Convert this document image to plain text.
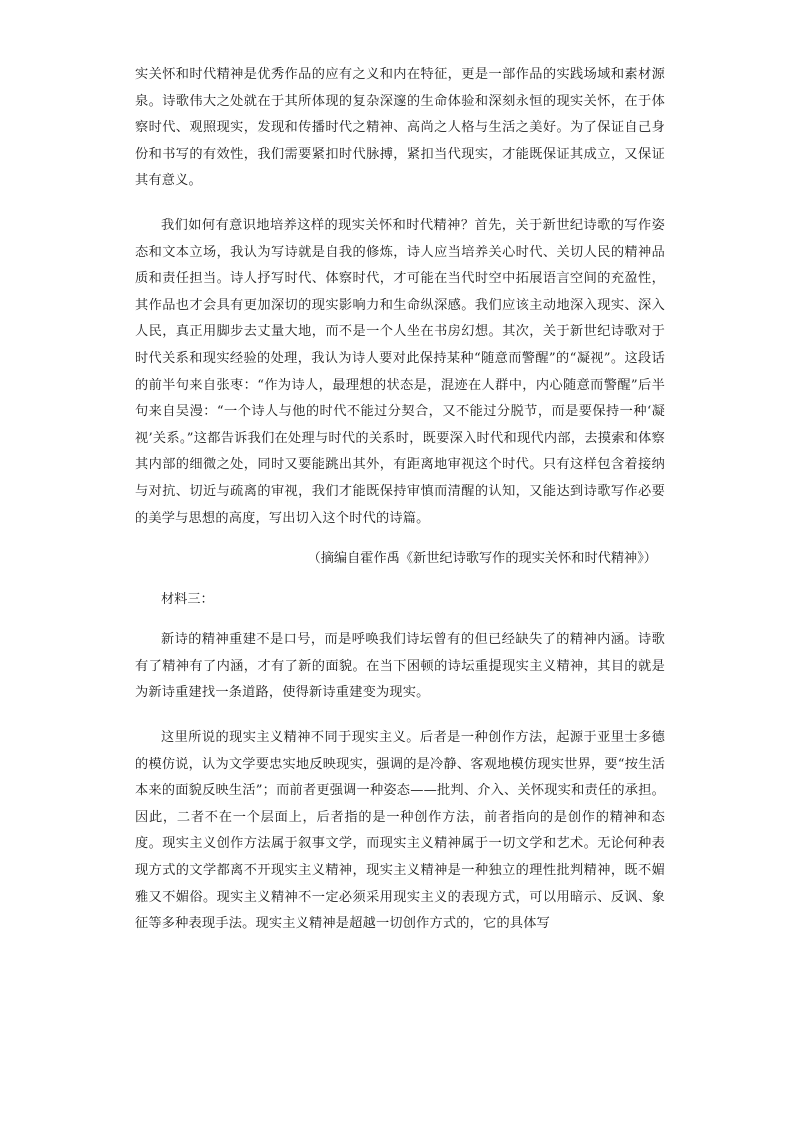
实关怀和时代精神是优秀作品的应有之义和内在特征，更是一部作品的实践场域和素材源泉。诗歌伟大之处就在于其所体现的复杂深邃的生命体验和深刻永恒的现实关怀，在于体察时代、观照现实，发现和传播时代之精神、高尚之人格与生活之美好。为了保证自己身份和书写的有效性，我们需要紧扣时代脉搏，紧扣当代现实，才能既保证其成立，又保证其有意义。

我们如何有意识地培养这样的现实关怀和时代精神？首先，关于新世纪诗歌的写作姿态和文本立场，我认为写诗就是自我的修炼，诗人应当培养关心时代、关切人民的精神品质和责任担当。诗人抒写时代、体察时代，才可能在当代时空中拓展语言空间的充盈性，其作品也才会具有更加深切的现实影响力和生命纵深感。我们应该主动地深入现实、深入人民，真正用脚步去丈量大地，而不是一个人坐在书房幻想。其次，关于新世纪诗歌对于时代关系和现实经验的处理，我认为诗人要对此保持某种“随意而警醒”的“凝视”。这段话的前半句来自张枣：“作为诗人，最理想的状态是，混迹在人群中，内心随意而警醒”后半句来自吴漫：“一个诗人与他的时代不能过分契合，又不能过分脱节，而是要保持一种‘凝视’关系。”这都告诉我们在处理与时代的关系时，既要深入时代和现代内部，去摸索和体察其内部的细微之处，同时又要能跳出其外，有距离地审视这个时代。只有这样包含着接纳与对抗、切近与疏离的审视，我们才能既保持审慎而清醒的认知，又能达到诗歌写作必要的美学与思想的高度，写出切入这个时代的诗篇。

（摘编自霍作禹《新世纪诗歌写作的现实关怀和时代精神》）

材料三：

新诗的精神重建不是口号，而是呼唤我们诗坛曾有的但已经缺失了的精神内涵。诗歌有了精神有了内涵，才有了新的面貌。在当下困顿的诗坛重提现实主义精神，其目的就是为新诗重建找一条道路，使得新诗重建变为现实。

这里所说的现实主义精神不同于现实主义。后者是一种创作方法，起源于亚里士多德的模仿说，认为文学要忠实地反映现实，强调的是冷静、客观地模仿现实世界，要“按生活本来的面貌反映生活”；而前者更强调一种姿态——批判、介入、关怀现实和责任的承担。因此，二者不在一个层面上，后者指的是一种创作方法，前者指向的是创作的精神和态度。现实主义创作方法属于叙事文学，而现实主义精神属于一切文学和艺术。无论何种表现方式的文学都离不开现实主义精神，现实主义精神是一种独立的理性批判精神，既不媚雅又不媚俗。现实主义精神不一定必须采用现实主义的表现方式，可以用暗示、反讽、象征等多种表现手法。现实主义精神是超越一切创作方式的，它的具体写
